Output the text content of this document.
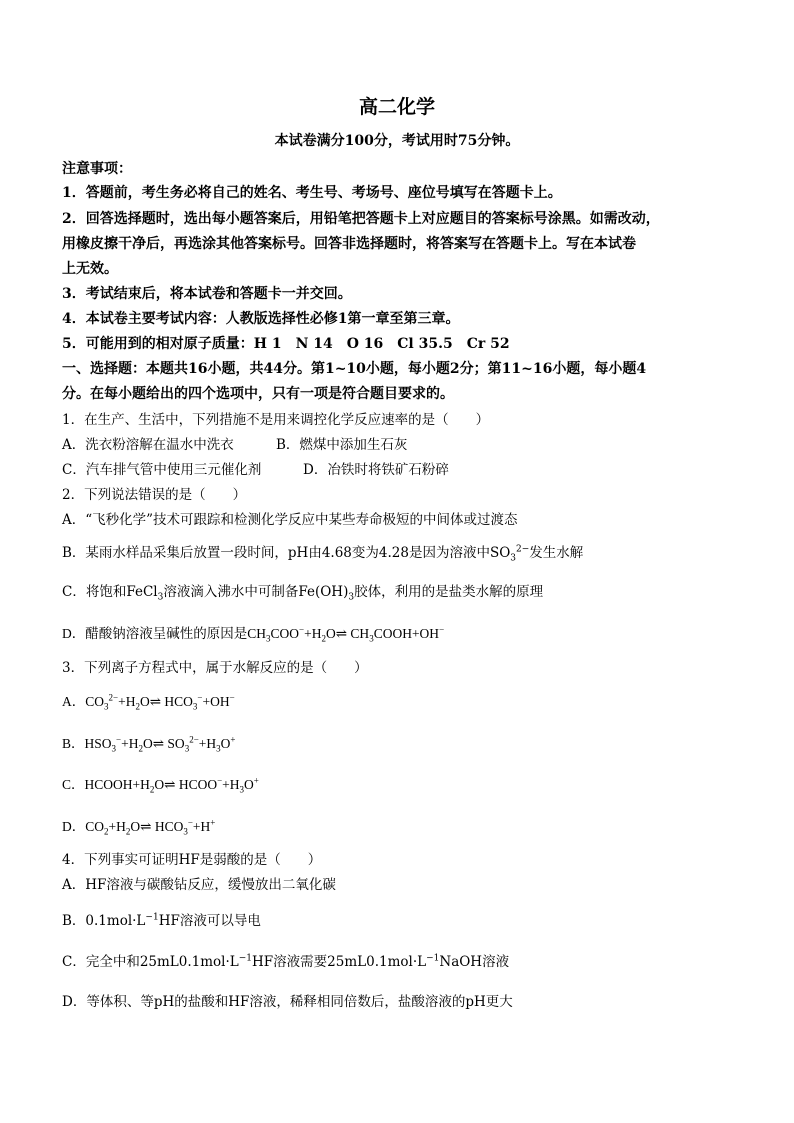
高二化学
本试卷满分100分，考试用时75分钟。
注意事项：
1．答题前，考生务必将自己的姓名、考生号、考场号、座位号填写在答题卡上。
2．回答选择题时，选出每小题答案后，用铅笔把答题卡上对应题目的答案标号涂黑。如需改动，
用橡皮擦干净后，再选涂其他答案标号。回答非选择题时，将答案写在答题卡上。写在本试卷
上无效。
3．考试结束后，将本试卷和答题卡一并交回。
4．本试卷主要考试内容：人教版选择性必修1第一章至第三章。
5．可能用到的相对原子质量：H 1　N 14　O 16　Cl 35.5　Cr 52
一、选择题：本题共16小题，共44分。第1~10小题，每小题2分；第11~16小题，每小题4
分。在每小题给出的四个选项中，只有一项是符合题目要求的。
1．在生产、生活中，下列措施不是用来调控化学反应速率的是（　　）
A．洗衣粉溶解在温水中洗衣	B．燃煤中添加生石灰
C．汽车排气管中使用三元催化剂	D．冶铁时将铁矿石粉碎
2．下列说法错误的是（　　）
A．“飞秒化学”技术可跟踪和检测化学反应中某些寿命极短的中间体或过渡态
B．某雨水样品采集后放置一段时间，pH由4.68变为4.28是因为溶液中$SO_3^{2-}$发生水解
C．将饱和FeCl$_3$溶液滴入沸水中可制备$Fe(OH)_3$胶体，利用的是盐类水解的原理
D．醋酸钠溶液呈碱性的原因是$CH_3COO^-+H_2O\rightleftharpoons$ $CH_3COOH+OH^-$
3．下列离子方程式中，属于水解反应的是（　　）
A．$CO_3^{2-}+H_2O\rightleftharpoons$ $HCO_3^-+OH^-$
B．$HSO_3^-+H_2O\rightleftharpoons$ $SO_3^{2-}+H_3O^+$
C．$HCOOH+H_2O\rightleftharpoons$ $HCOO^-+H_3O^+$
D．$CO_2+H_2O\rightleftharpoons$ $HCO_3^-+H^+$
4．下列事实可证明HF是弱酸的是（　　）
A．HF溶液与碳酸钻反应，缓慢放出二氧化碳
B．$0.1mol\cdot L^{-1}HF$溶液可以导电
C．完全中和$25mL0.1mol\cdot L^{-1}HF$溶液需要$25mL0.1mol\cdot L^{-1}NaOH$溶液
D．等体积、等pH的盐酸和HF溶液，稀释相同倍数后，盐酸溶液的pH更大
